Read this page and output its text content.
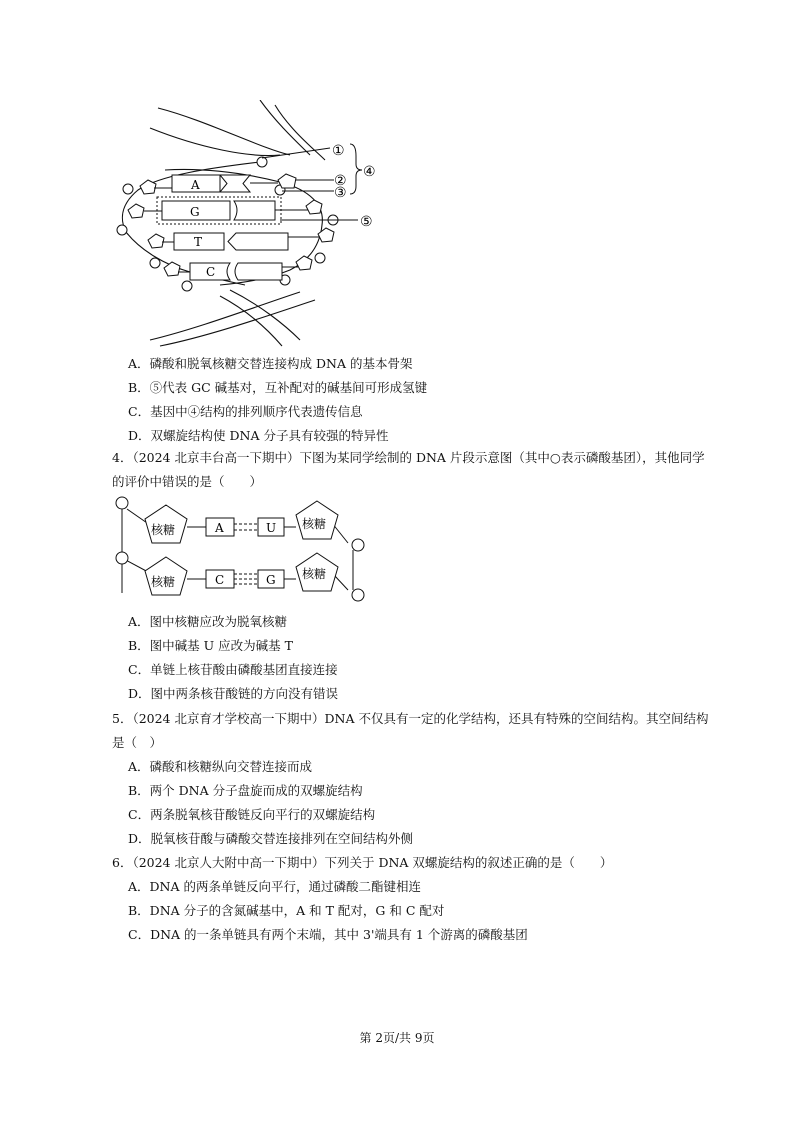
①
②
③
④
⑤
A
G
T
C
A．磷酸和脱氧核糖交替连接构成 DNA 的基本骨架
B．⑤代表 GC 碱基对，互补配对的碱基间可形成氢键
C．基因中④结构的排列顺序代表遗传信息
D．双螺旋结构使 DNA 分子具有较强的特异性
4．（2024 北京丰台高一下期中）下图为某同学绘制的 DNA 片段示意图（其中○表示磷酸基团），其他同学
的评价中错误的是（　　）
核糖	A	U 核糖
核糖	C	G 核糖
A．图中核糖应改为脱氧核糖
B．图中碱基 U 应改为碱基 T
C．单链上核苷酸由磷酸基团直接连接
D．图中两条核苷酸链的方向没有错误
5．（2024 北京育才学校高一下期中）DNA 不仅具有一定的化学结构，还具有特殊的空间结构。其空间结构
是（　）
A．磷酸和核糖纵向交替连接而成
B．两个 DNA 分子盘旋而成的双螺旋结构
C．两条脱氧核苷酸链反向平行的双螺旋结构
D．脱氧核苷酸与磷酸交替连接排列在空间结构外侧
6．（2024 北京人大附中高一下期中）下列关于 DNA 双螺旋结构的叙述正确的是（　　）
A．DNA 的两条单链反向平行，通过磷酸二酯键相连
B．DNA 分子的含氮碱基中，A 和 T 配对，G 和 C 配对
C．DNA 的一条单链具有两个末端，其中 3'端具有 1 个游离的磷酸基团
第 2页/共 9页
